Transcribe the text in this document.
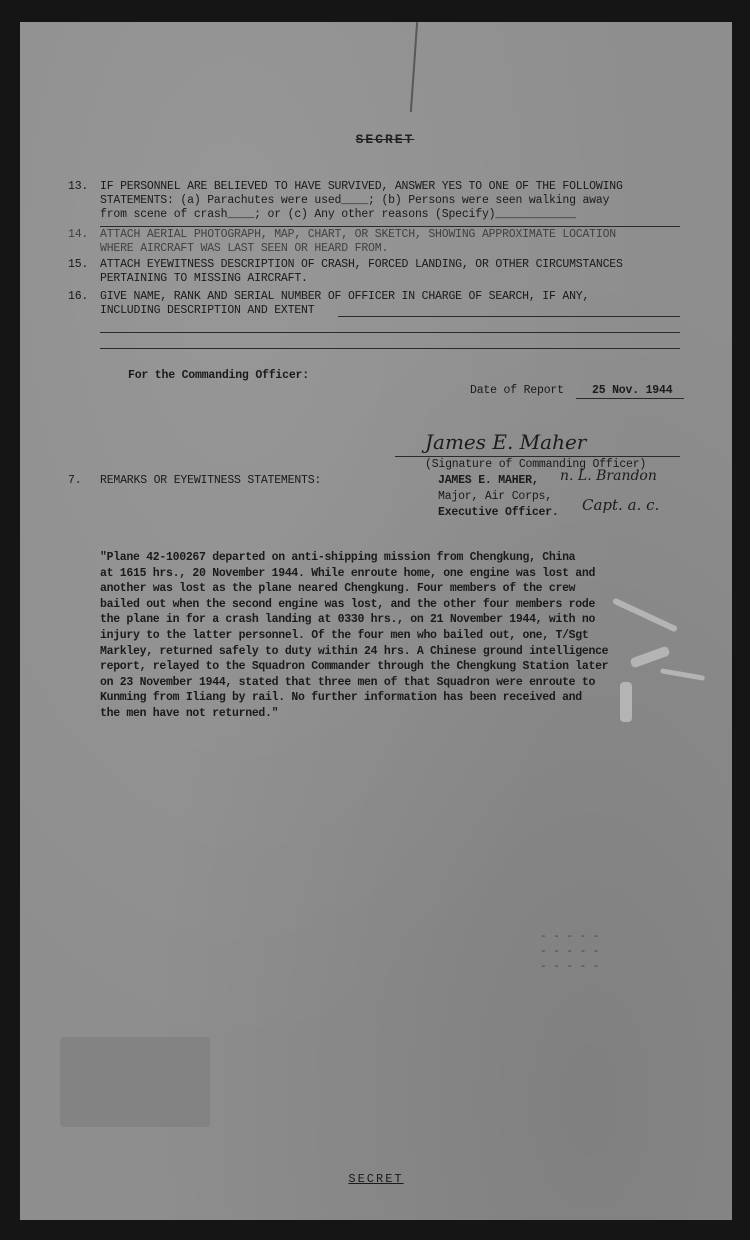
SECRET
13. IF PERSONNEL ARE BELIEVED TO HAVE SURVIVED, ANSWER YES TO ONE OF THE FOLLOWING
STATEMENTS: (a) Parachutes were used____; (b) Persons were seen walking away
from scene of crash____; or (c) Any other reasons (Specify)____________
14. ATTACH AERIAL PHOTOGRAPH, MAP, CHART, OR SKETCH, SHOWING APPROXIMATE LOCATION
WHERE AIRCRAFT WAS LAST SEEN OR HEARD FROM.
15. ATTACH EYEWITNESS DESCRIPTION OF CRASH, FORCED LANDING, OR OTHER CIRCUMSTANCES
PERTAINING TO MISSING AIRCRAFT.
16. GIVE NAME, RANK AND SERIAL NUMBER OF OFFICER IN CHARGE OF SEARCH, IF ANY,
INCLUDING DESCRIPTION AND EXTENT
For the Commanding Officer:
Date of Report 25 Nov. 1944
James E. Maher
(Signature of Commanding Officer)
7. REMARKS OR EYEWITNESS STATEMENTS:	JAMES E. MAHER, n. L. Brandon
Major, Air Corps,
Executive Officer. Capt. a. c.
"Plane 42-100267 departed on anti-shipping mission from Chengkung, China
at 1615 hrs., 20 November 1944. While enroute home, one engine was lost and
another was lost as the plane neared Chengkung. Four members of the crew
bailed out when the second engine was lost, and the other four members rode
the plane in for a crash landing at 0330 hrs., on 21 November 1944, with no
injury to the latter personnel. Of the four men who bailed out, one, T/Sgt
Markley, returned safely to duty within 24 hrs. A Chinese ground intelligence
report, relayed to the Squadron Commander through the Chengkung Station later
on 23 November 1944, stated that three men of that Squadron were enroute to
Kunming from Iliang by rail. No further information has been received and
the men have not returned."
- - - - -
- - - - -
- - - - -
SECRET
